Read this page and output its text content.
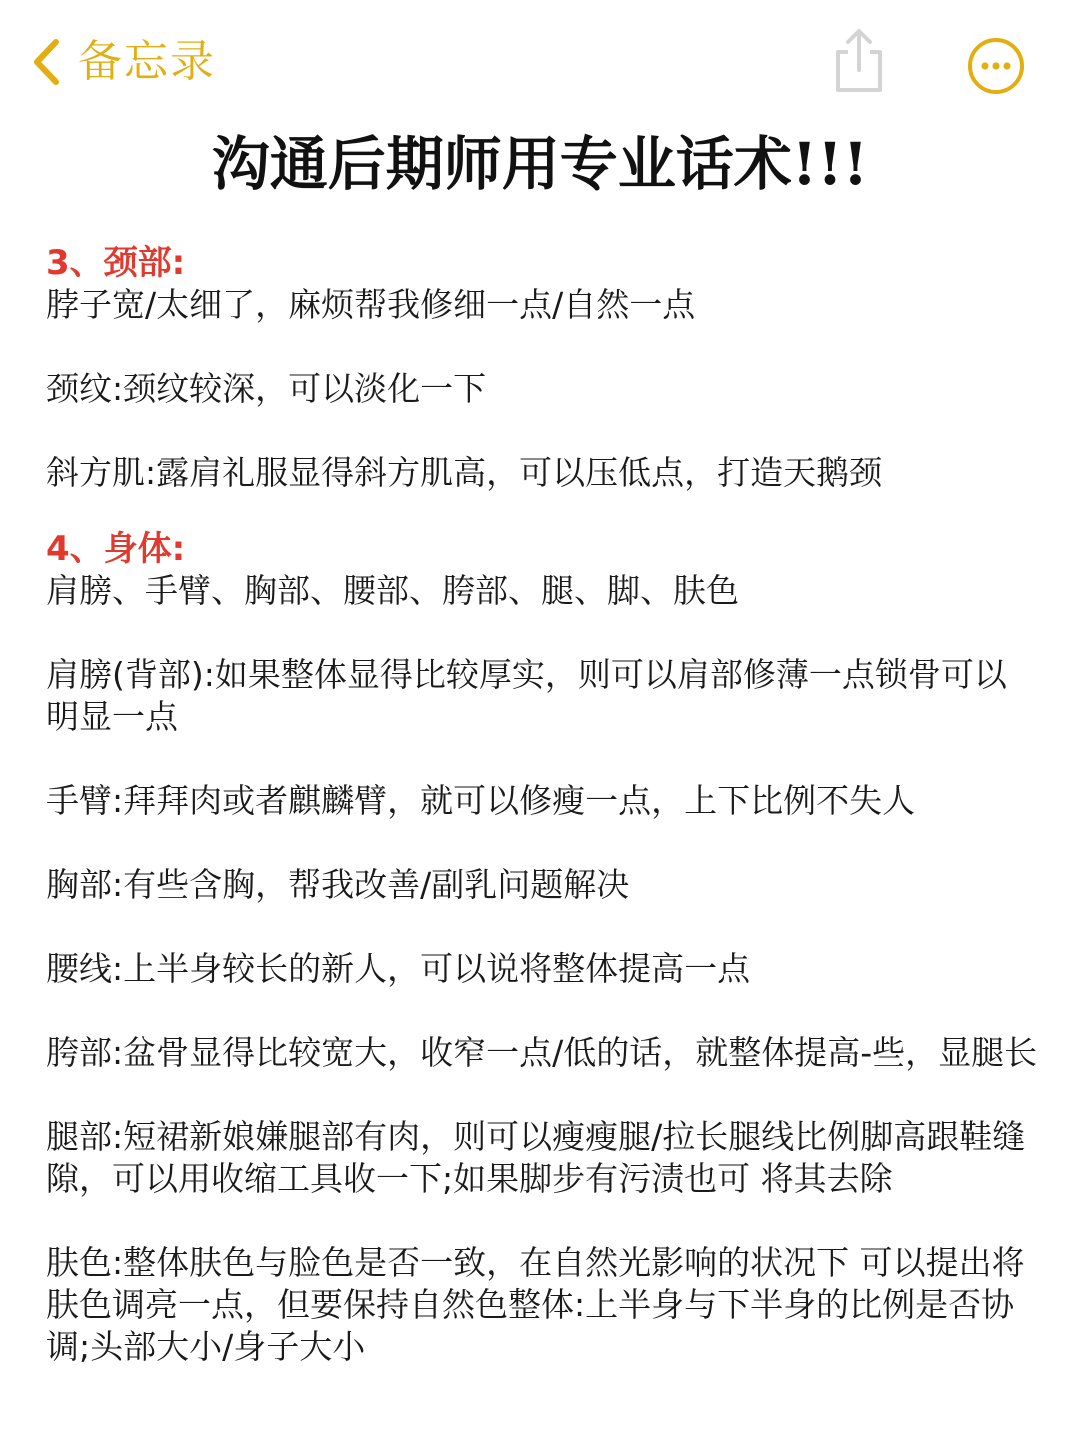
备忘录
沟通后期师用专业话术!!!

3、颈部:

脖子宽/太细了，麻烦帮我修细一点/自然一点

颈纹:颈纹较深，可以淡化一下

斜方肌:露肩礼服显得斜方肌高，可以压低点，打造天鹅颈

4、身体:

肩膀、手臂、胸部、腰部、胯部、腿、脚、肤色

肩膀(背部):如果整体显得比较厚实，则可以肩部修薄一点锁骨可以明显一点

手臂:拜拜肉或者麒麟臂，就可以修瘦一点，上下比例不失人

胸部:有些含胸，帮我改善/副乳问题解决

腰线:上半身较长的新人，可以说将整体提高一点

胯部:盆骨显得比较宽大，收窄一点/低的话，就整体提高-些，显腿长

腿部:短裙新娘嫌腿部有肉，则可以瘦瘦腿/拉长腿线比例脚高跟鞋缝隙，可以用收缩工具收一下;如果脚步有污渍也可 将其去除

肤色:整体肤色与脸色是否一致，在自然光影响的状况下 可以提出将肤色调亮一点，但要保持自然色整体:上半身与下半身的比例是否协调;头部大小/身子大小
